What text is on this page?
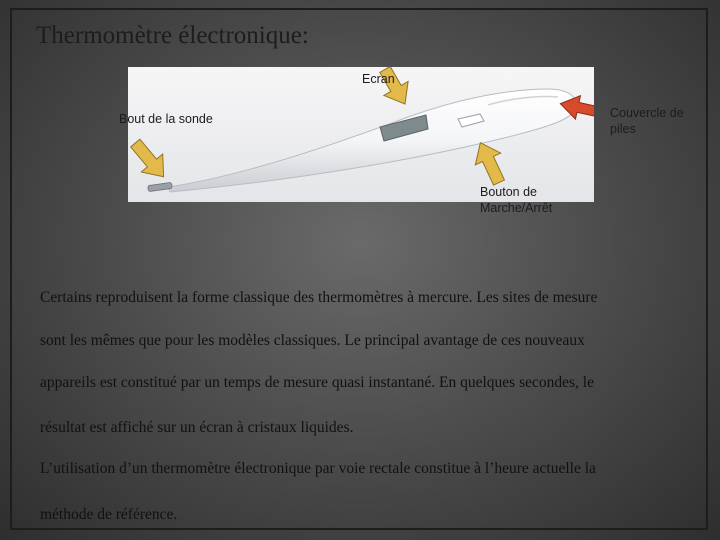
Thermomètre électronique:
Ecran
Bout de la sonde	Couvercle de
piles
Bouton de
Marche/Arrêt
Certains reproduisent la forme classique des thermomètres à mercure. Les sites de mesure
sont les mêmes que pour les modèles classiques. Le principal avantage de ces nouveaux
appareils est constitué par un temps de mesure quasi instantané. En quelques secondes, le
résultat est affiché sur un écran à cristaux liquides.
L’utilisation d’un thermomètre électronique par voie rectale constitue à l’heure actuelle la
méthode de référence.
